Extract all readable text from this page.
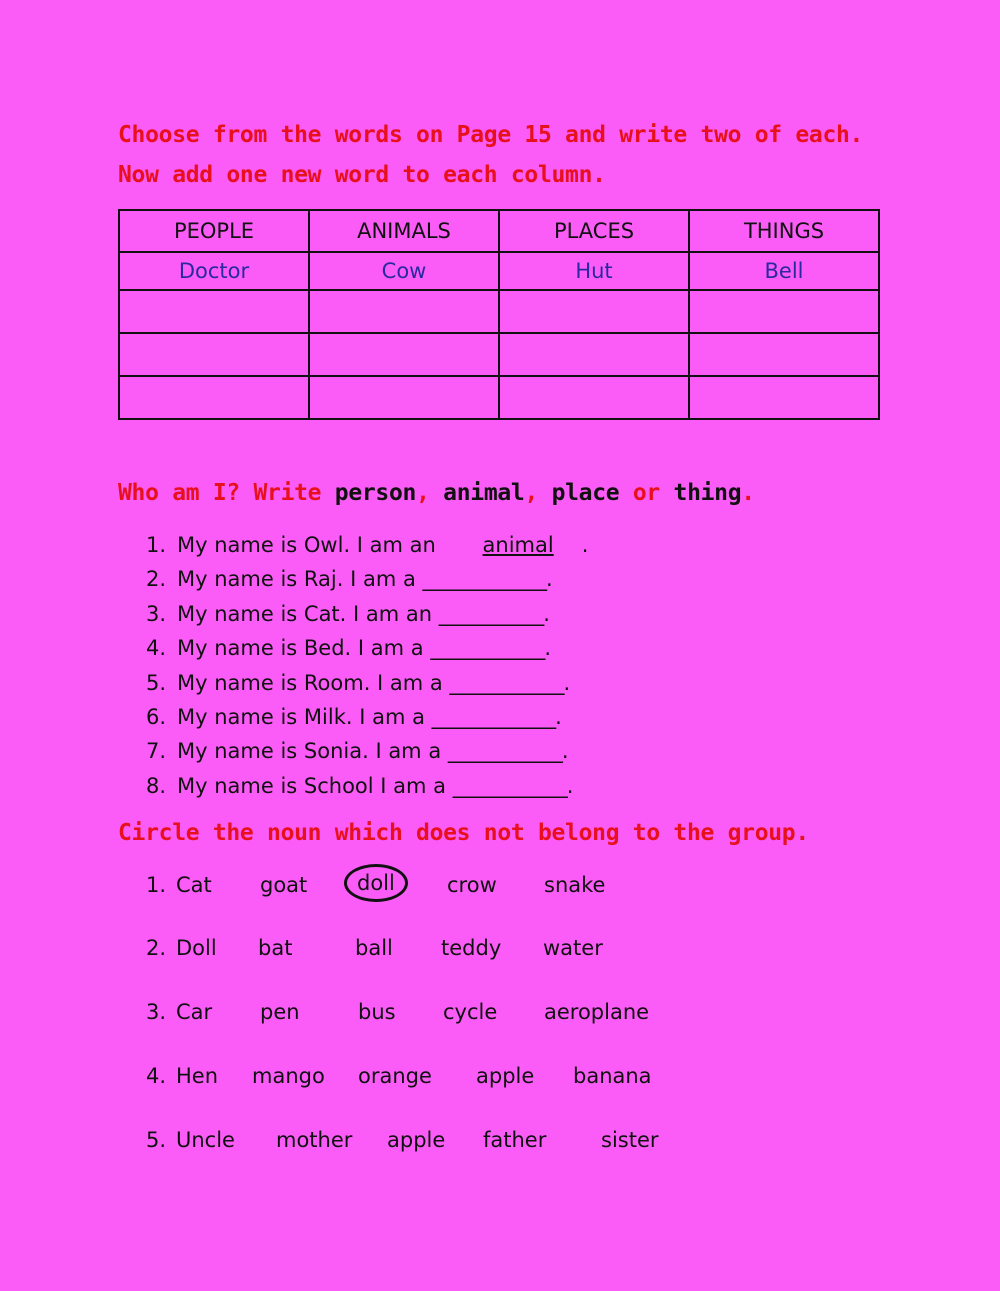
Choose from the words on Page 15 and write two of each.
Now add one new word to each column.
PEOPLE	ANIMALS	PLACES	THINGS
Doctor	Cow	Hut	Bell

Who am I? Write person, animal, place or thing.
1. My name is Owl. I am an animal .
2. My name is Raj. I am a _____________.
3. My name is Cat. I am an ___________.
4. My name is Bed. I am a ____________.
5. My name is Room. I am a ____________.
6. My name is Milk. I am a _____________.
7. My name is Sonia. I am a ____________.
8. My name is School I am a ____________.
Circle the noun which does not belong to the group.
1. Cat goat	doll	crow snake
2. Doll bat	ball teddy water
3. Car pen	bus cycle aeroplane
4. Hen mango orange apple banana
5. Uncle mother apple father	sister
